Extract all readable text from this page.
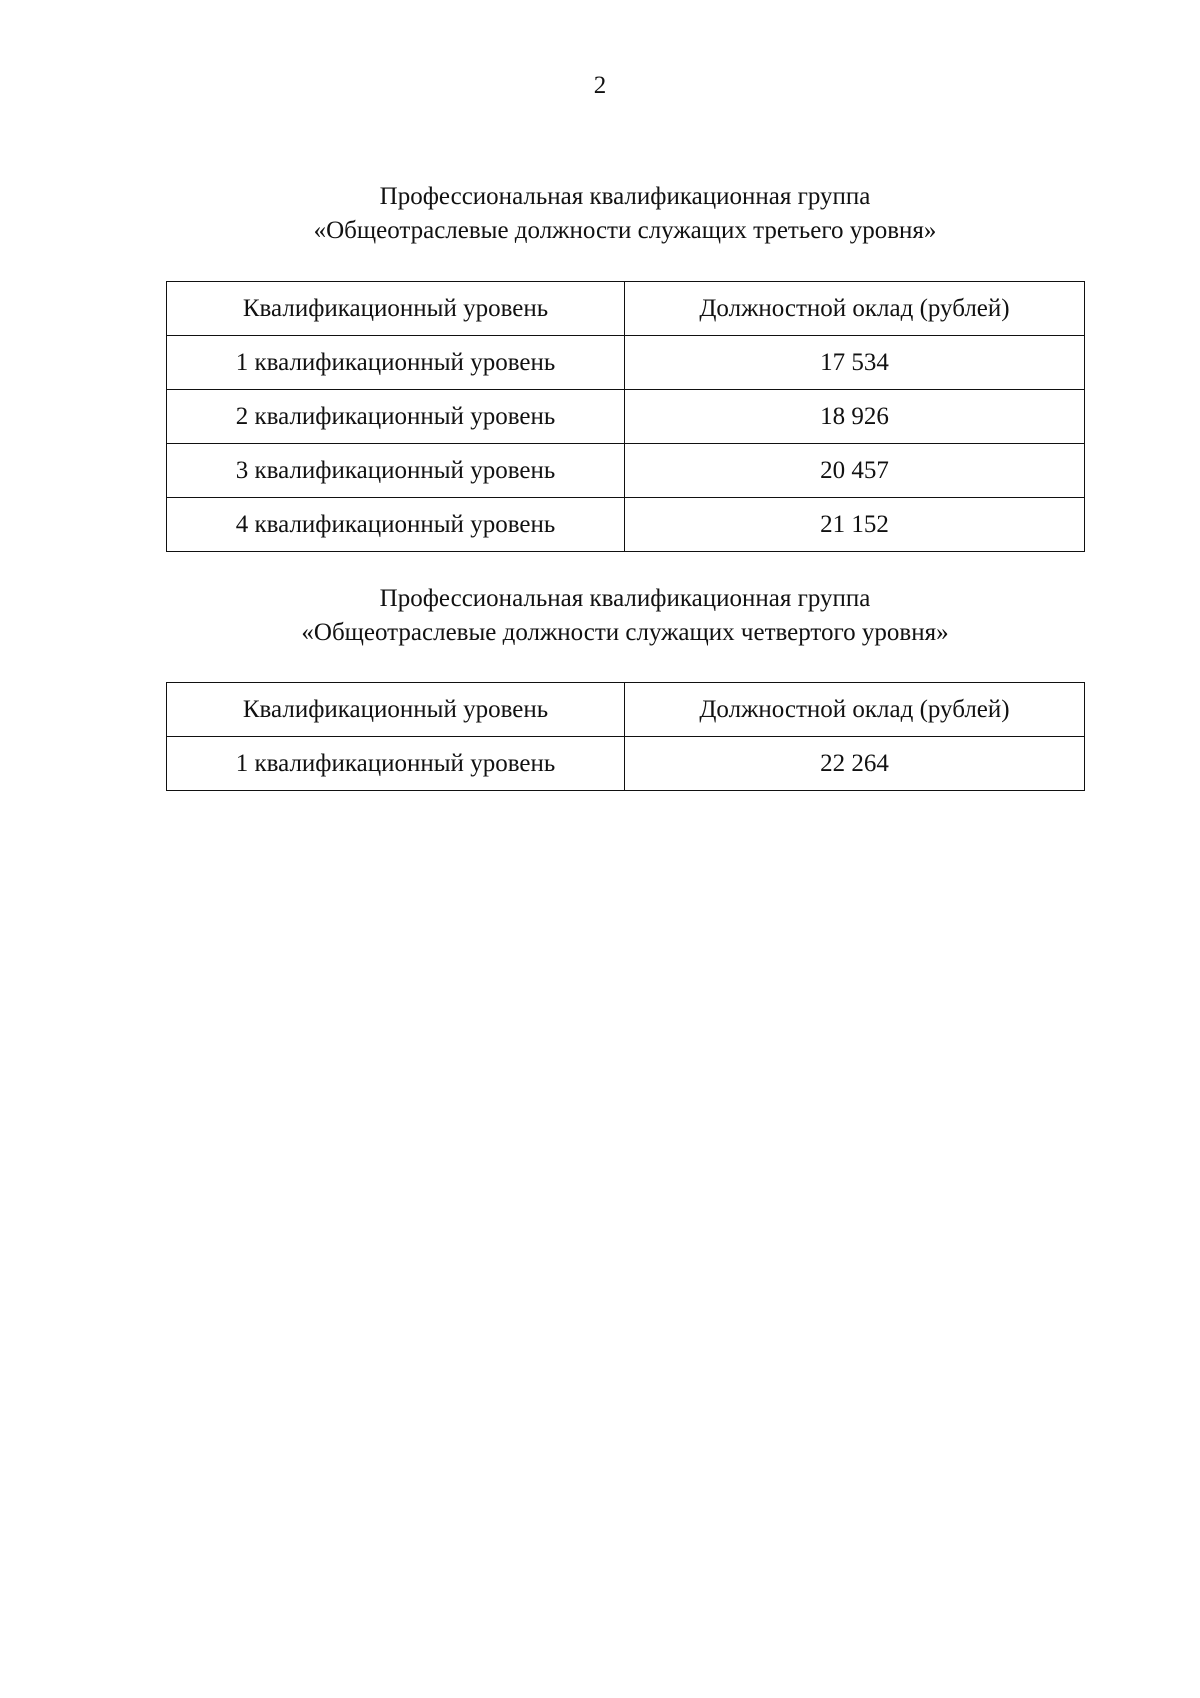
2
Профессиональная квалификационная группа
«Общеотраслевые должности служащих третьего уровня»
Квалификационный уровень	Должностной оклад (рублей)
1 квалификационный уровень	17 534
2 квалификационный уровень	18 926
3 квалификационный уровень	20 457
4 квалификационный уровень	21 152
Профессиональная квалификационная группа
«Общеотраслевые должности служащих четвертого уровня»
Квалификационный уровень	Должностной оклад (рублей)
1 квалификационный уровень	22 264
